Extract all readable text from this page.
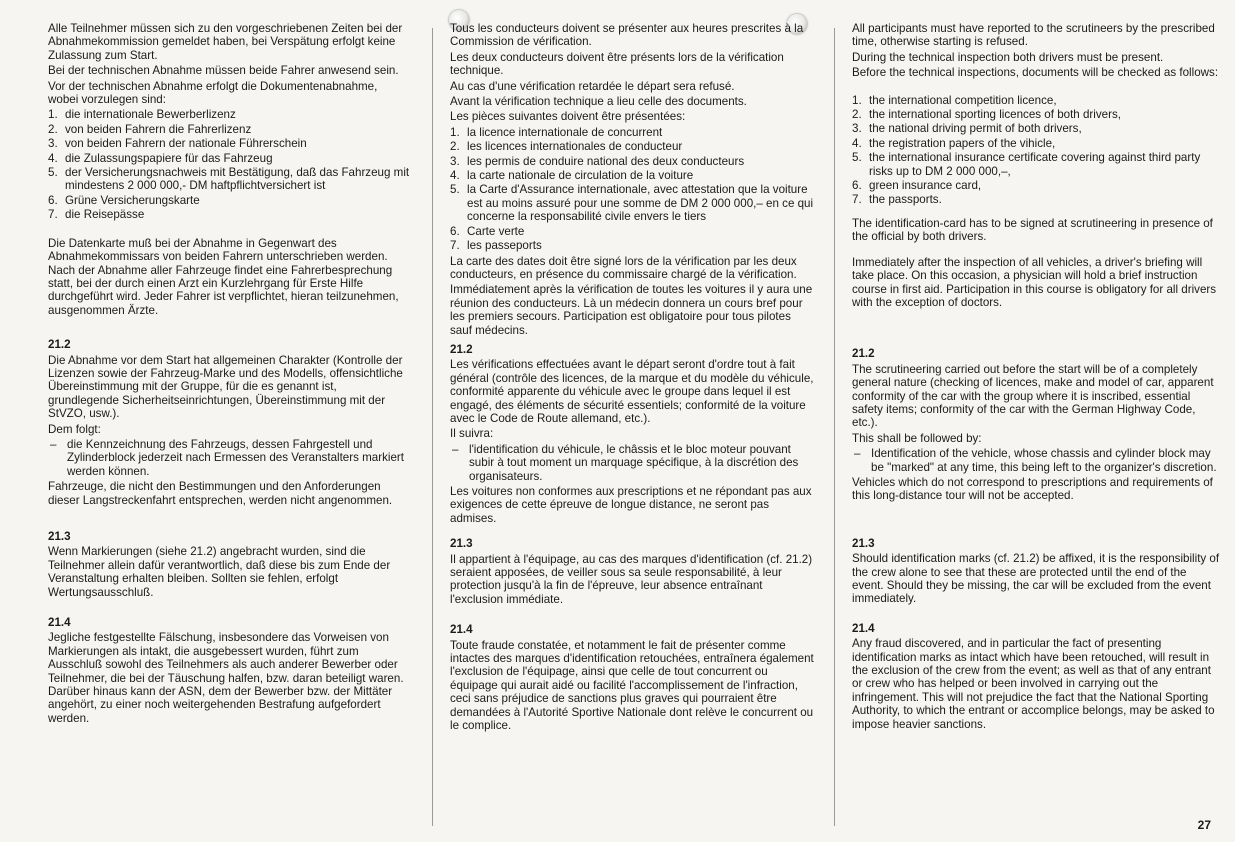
Alle Teilnehmer müssen sich zu den vorgeschriebenen Zeiten bei der Abnahmekommission gemeldet haben, bei Verspätung erfolgt keine Zulassung zum Start.

Bei der technischen Abnahme müssen beide Fahrer anwesend sein.

Vor der technischen Abnahme erfolgt die Dokumentenabnahme, wobei vorzulegen sind:

1. die internationale Bewerberlizenz
2. von beiden Fahrern die Fahrerlizenz
3. von beiden Fahrern der nationale Führerschein
4. die Zulassungspapiere für das Fahrzeug
5. der Versicherungsnachweis mit Bestätigung, daß das Fahrzeug mit mindestens 2 000 000,- DM haftpflichtversichert ist
6. Grüne Versicherungskarte
7. die Reisepässe

Die Datenkarte muß bei der Abnahme in Gegenwart des Abnahmekommissars von beiden Fahrern unterschrieben werden. Nach der Abnahme aller Fahrzeuge findet eine Fahrerbesprechung statt, bei der durch einen Arzt ein Kurzlehrgang für Erste Hilfe durchgeführt wird. Jeder Fahrer ist verpflichtet, hieran teilzunehmen, ausgenommen Ärzte.

21.2

Die Abnahme vor dem Start hat allgemeinen Charakter (Kontrolle der Lizenzen sowie der Fahrzeug-Marke und des Modells, offensichtliche Übereinstimmung mit der Gruppe, für die es genannt ist, grundlegende Sicherheitseinrichtungen, Übereinstimmung mit der StVZO, usw.).

Dem folgt:

– die Kennzeichnung des Fahrzeugs, dessen Fahrgestell und Zylinderblock jederzeit nach Ermessen des Veranstalters markiert werden können.

Fahrzeuge, die nicht den Bestimmungen und den Anforderungen dieser Langstreckenfahrt entsprechen, werden nicht angenommen.

21.3

Wenn Markierungen (siehe 21.2) angebracht wurden, sind die Teilnehmer allein dafür verantwortlich, daß diese bis zum Ende der Veranstaltung erhalten bleiben. Sollten sie fehlen, erfolgt Wertungsausschluß.

21.4

Jegliche festgestellte Fälschung, insbesondere das Vorweisen von Markierungen als intakt, die ausgebessert wurden, führt zum Ausschluß sowohl des Teilnehmers als auch anderer Bewerber oder Teilnehmer, die bei der Täuschung halfen, bzw. daran beteiligt waren. Darüber hinaus kann der ASN, dem der Bewerber bzw. der Mittäter angehört, zu einer noch weitergehenden Bestrafung aufgefordert werden.

Tous les conducteurs doivent se présenter aux heures prescrites à la Commission de vérification.

Les deux conducteurs doivent être présents lors de la vérification technique.

Au cas d'une vérification retardée le départ sera refusé.

Avant la vérification technique a lieu celle des documents.

Les pièces suivantes doivent être présentées:

1. la licence internationale de concurrent
2. les licences internationales de conducteur
3. les permis de conduire national des deux conducteurs
4. la carte nationale de circulation de la voiture
5. la Carte d'Assurance internationale, avec attestation que la voiture est au moins assuré pour une somme de DM 2 000 000,– en ce qui concerne la responsabilité civile envers le tiers
6. Carte verte
7. les passeports

La carte des dates doit être signé lors de la vérification par les deux conducteurs, en présence du commissaire chargé de la vérification.

Immédiatement après la vérification de toutes les voitures il y aura une réunion des conducteurs. Là un médecin donnera un cours bref pour les premiers secours. Participation est obligatoire pour tous pilotes sauf médecins.

21.2

Les vérifications effectuées avant le départ seront d'ordre tout à fait général (contrôle des licences, de la marque et du modèle du véhicule, conformité apparente du véhicule avec le groupe dans lequel il est engagé, des éléments de sécurité essentiels; conformité de la voiture avec le Code de Route allemand, etc.).

Il suivra:

– l'identification du véhicule, le châssis et le bloc moteur pouvant subir à tout moment un marquage spécifique, à la discrétion des organisateurs.

Les voitures non conformes aux prescriptions et ne répondant pas aux exigences de cette épreuve de longue distance, ne seront pas admises.

21.3

Il appartient à l'équipage, au cas des marques d'identification (cf. 21.2) seraient apposées, de veiller sous sa seule responsabilité, à leur protection jusqu'à la fin de l'épreuve, leur absence entraînant l'exclusion immédiate.

21.4

Toute fraude constatée, et notamment le fait de présenter comme intactes des marques d'identification retouchées, entraînera également l'exclusion de l'équipage, ainsi que celle de tout concurrent ou équipage qui aurait aidé ou facilité l'accomplissement de l'infraction, ceci sans préjudice de sanctions plus graves qui pourraient être demandées à l'Autorité Sportive Nationale dont relève le concurrent ou le complice.

All participants must have reported to the scrutineers by the prescribed time, otherwise starting is refused.

During the technical inspection both drivers must be present.

Before the technical inspections, documents will be checked as follows:

1. the international competition licence,
2. the international sporting licences of both drivers,
3. the national driving permit of both drivers,
4. the registration papers of the vihicle,
5. the international insurance certificate covering against third party risks up to DM 2 000 000,–,
6. green insurance card,
7. the passports.

The identification-card has to be signed at scrutineering in presence of the official by both drivers.

Immediately after the inspection of all vehicles, a driver's briefing will take place. On this occasion, a physician will hold a brief instruction course in first aid. Participation in this course is obligatory for all drivers with the exception of doctors.

21.2

The scrutineering carried out before the start will be of a completely general nature (checking of licences, make and model of car, apparent conformity of the car with the group where it is inscribed, essential safety items; conformity of the car with the German Highway Code, etc.).

This shall be followed by:

– Identification of the vehicle, whose chassis and cylinder block may be "marked" at any time, this being left to the organizer's discretion.

Vehicles which do not correspond to prescriptions and requirements of this long-distance tour will not be accepted.

21.3

Should identification marks (cf. 21.2) be affixed, it is the responsibility of the crew alone to see that these are protected until the end of the event. Should they be missing, the car will be excluded from the event immediately.

21.4

Any fraud discovered, and in particular the fact of presenting identification marks as intact which have been retouched, will result in the exclusion of the crew from the event; as well as that of any entrant or crew who has helped or been involved in carrying out the infringement. This will not prejudice the fact that the National Sporting Authority, to which the entrant or accomplice belongs, may be asked to impose heavier sanctions.

27
